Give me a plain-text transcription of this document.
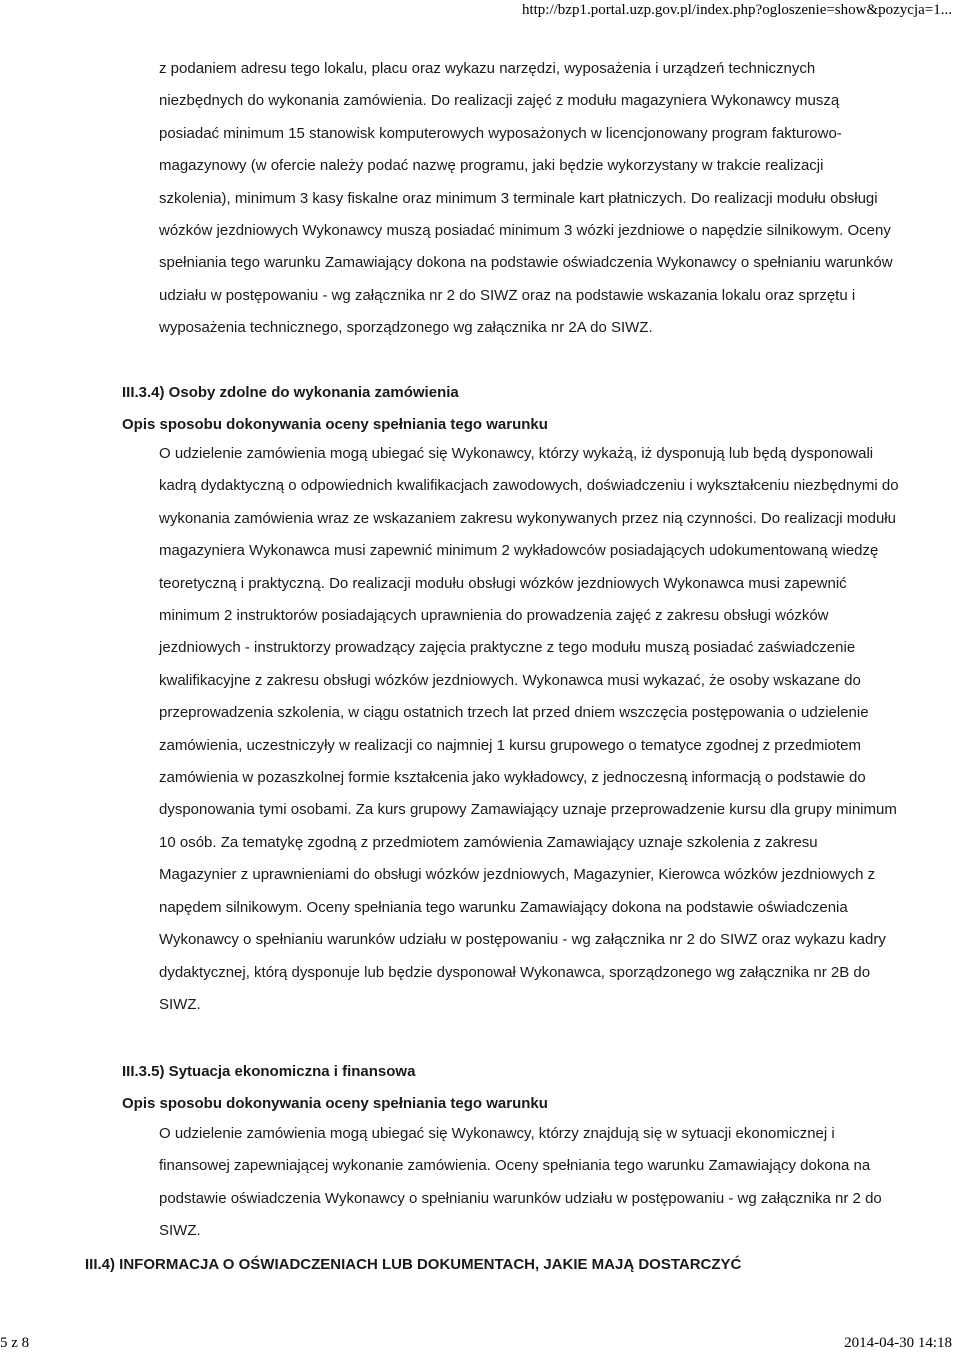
http://bzp1.portal.uzp.gov.pl/index.php?ogloszenie=show&pozycja=1...

z podaniem adresu tego lokalu, placu oraz wykazu narzędzi, wyposażenia i urządzeń technicznych niezbędnych do wykonania zamówienia. Do realizacji zajęć z modułu magazyniera Wykonawcy muszą posiadać minimum 15 stanowisk komputerowych wyposażonych w licencjonowany program fakturowo-magazynowy (w ofercie należy podać nazwę programu, jaki będzie wykorzystany w trakcie realizacji szkolenia), minimum 3 kasy fiskalne oraz minimum 3 terminale kart płatniczych. Do realizacji modułu obsługi wózków jezdniowych Wykonawcy muszą posiadać minimum 3 wózki jezdniowe o napędzie silnikowym. Oceny spełniania tego warunku Zamawiający dokona na podstawie oświadczenia Wykonawcy o spełnianiu warunków udziału w postępowaniu - wg załącznika nr 2 do SIWZ oraz na podstawie wskazania lokalu oraz sprzętu i wyposażenia technicznego, sporządzonego wg załącznika nr 2A do SIWZ.

III.3.4) Osoby zdolne do wykonania zamówienia

Opis sposobu dokonywania oceny spełniania tego warunku

O udzielenie zamówienia mogą ubiegać się Wykonawcy, którzy wykażą, iż dysponują lub będą dysponowali kadrą dydaktyczną o odpowiednich kwalifikacjach zawodowych, doświadczeniu i wykształceniu niezbędnymi do wykonania zamówienia wraz ze wskazaniem zakresu wykonywanych przez nią czynności. Do realizacji modułu magazyniera Wykonawca musi zapewnić minimum 2 wykładowców posiadających udokumentowaną wiedzę teoretyczną i praktyczną. Do realizacji modułu obsługi wózków jezdniowych Wykonawca musi zapewnić minimum 2 instruktorów posiadających uprawnienia do prowadzenia zajęć z zakresu obsługi wózków jezdniowych - instruktorzy prowadzący zajęcia praktyczne z tego modułu muszą posiadać zaświadczenie kwalifikacyjne z zakresu obsługi wózków jezdniowych. Wykonawca musi wykazać, że osoby wskazane do przeprowadzenia szkolenia, w ciągu ostatnich trzech lat przed dniem wszczęcia postępowania o udzielenie zamówienia, uczestniczyły w realizacji co najmniej 1 kursu grupowego o tematyce zgodnej z przedmiotem zamówienia w pozaszkolnej formie kształcenia jako wykładowcy, z jednoczesną informacją o podstawie do dysponowania tymi osobami. Za kurs grupowy Zamawiający uznaje przeprowadzenie kursu dla grupy minimum 10 osób. Za tematykę zgodną z przedmiotem zamówienia Zamawiający uznaje szkolenia z zakresu Magazynier z uprawnieniami do obsługi wózków jezdniowych, Magazynier, Kierowca wózków jezdniowych z napędem silnikowym. Oceny spełniania tego warunku Zamawiający dokona na podstawie oświadczenia Wykonawcy o spełnianiu warunków udziału w postępowaniu - wg załącznika nr 2 do SIWZ oraz wykazu kadry dydaktycznej, którą dysponuje lub będzie dysponował Wykonawca, sporządzonego wg załącznika nr 2B do SIWZ.

III.3.5) Sytuacja ekonomiczna i finansowa

Opis sposobu dokonywania oceny spełniania tego warunku

O udzielenie zamówienia mogą ubiegać się Wykonawcy, którzy znajdują się w sytuacji ekonomicznej i finansowej zapewniającej wykonanie zamówienia. Oceny spełniania tego warunku Zamawiający dokona na podstawie oświadczenia Wykonawcy o spełnianiu warunków udziału w postępowaniu - wg załącznika nr 2 do SIWZ.

III.4) INFORMACJA O OŚWIADCZENIACH LUB DOKUMENTACH, JAKIE MAJĄ DOSTARCZYĆ

5 z 8	2014-04-30 14:18
